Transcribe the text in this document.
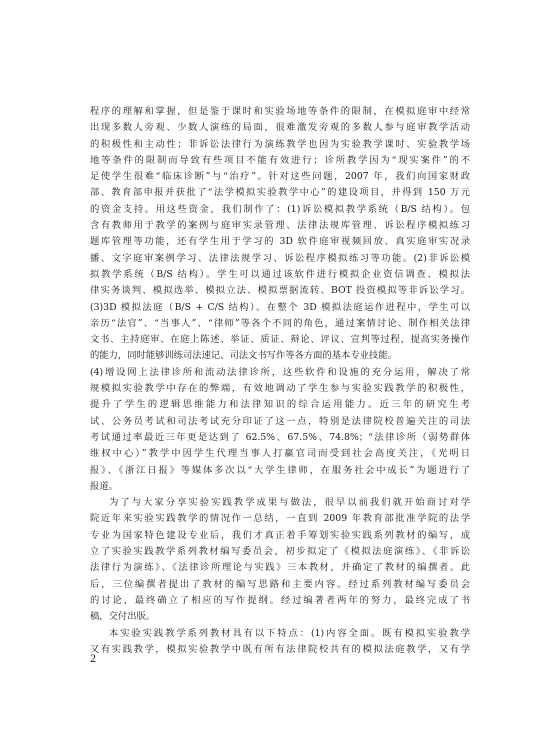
程序的理解和掌握，但是鉴于课时和实验场地等条件的限制，在模拟庭审中经常
出现多数人旁观、少数人演练的局面，很难激发旁观的多数人参与庭审教学活动
的积极性和主动性；非诉讼法律行为演练教学也因为实验教学课时、实验教学场
地等条件的限制而导致有些项目不能有效进行；诊所教学因为“现实案件”的不
足使学生很难“临床诊断”与“治疗”。针对这些问题，2007 年，我们向国家财政
部、教育部申报并获批了“法学模拟实验教学中心”的建设项目，并得到 150 万元
的资金支持。用这些资金，我们制作了：(1)诉讼模拟教学系统（B/S 结构）。包
含有教师用于教学的案例与庭审实录管理、法律法规库管理、诉讼程序模拟练习
题库管理等功能，还有学生用于学习的 3D 软件庭审视频回放、真实庭审实况录
播、文字庭审案例学习、法律法规学习、诉讼程序模拟练习等功能。(2)非诉讼模
拟教学系统（B/S 结构）。学生可以通过该软件进行模拟企业资信调查、模拟法
律实务谈判、模拟选举、模拟立法、模拟票据流转、BOT 投资模拟等非诉讼学习。
(3)3D 模拟法庭（B/S + C/S 结构）。在整个 3D 模拟法庭运作进程中，学生可以
亲历“法官”、“当事人”、“律师”等各个不同的角色，通过案情讨论、制作相关法律
文书、主持庭审、在庭上陈述、举证、质证、辩论、评议、宣判等过程，提高实务操作
的能力，同时能够训练司法速记、司法文书写作等各方面的基本专业技能。
(4)增设网上法律诊所和流动法律诊所，这些软件和设施的充分运用，解决了常
规模拟实验教学中存在的弊端，有效地调动了学生参与实验实践教学的积极性，
提升了学生的逻辑思维能力和法律知识的综合运用能力。近三年的研究生考
试、公务员考试和司法考试充分印证了这一点，特别是法律院校普遍关注的司法
考试通过率最近三年更是达到了 62.5%、67.5%、74.8%；“法律诊所（弱势群体
维权中心）”教学中因学生代理当事人打赢官司而受到社会高度关注，《光明日
报》、《浙江日报》等媒体多次以“大学生律师，在服务社会中成长”为题进行了
报道。
为了与大家分享实验实践教学成果与做法，很早以前我们就开始商讨对学
院近年来实验实践教学的情况作一总结，一直到 2009 年教育部批准学院的法学
专业为国家特色建设专业后，我们才真正着手筹划实验实践系列教材的编写，成
立了实验实践教学系列教材编写委员会，初步拟定了《模拟法庭演练》、《非诉讼
法律行为演练》、《法律诊所理论与实践》三本教材，并确定了教材的编撰者。此
后，三位编撰者提出了教材的编写思路和主要内容。经过系列教材编写委员会
的讨论，最终确立了相应的写作提纲。经过编著者两年的努力，最终完成了书
稿，交付出版。
本实验实践教学系列教材具有以下特点：(1)内容全面。既有模拟实验教学
又有实践教学，模拟实验教学中既有所有法律院校共有的模拟法庭教学，又有学
2
